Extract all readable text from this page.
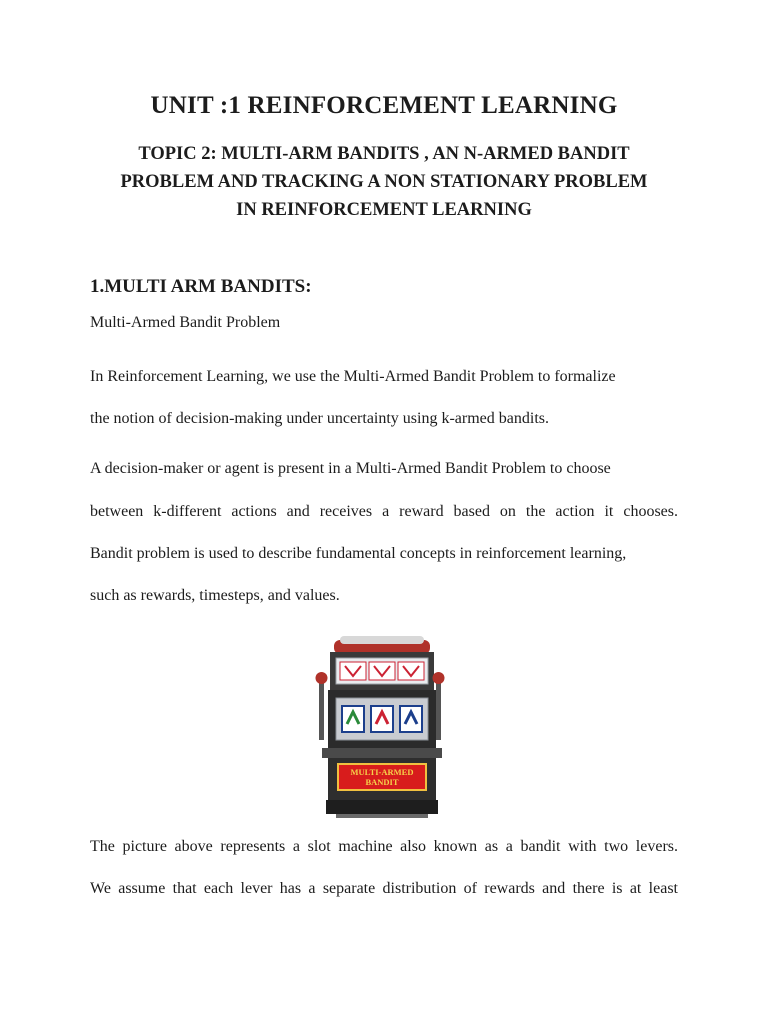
UNIT :1 REINFORCEMENT LEARNING
TOPIC 2: MULTI-ARM BANDITS , AN N-ARMED BANDIT
PROBLEM AND TRACKING A NON STATIONARY PROBLEM
IN REINFORCEMENT LEARNING
1.MULTI ARM BANDITS:

Multi-Armed Bandit Problem

In Reinforcement Learning, we use the Multi-Armed Bandit Problem to formalize

the notion of decision-making under uncertainty using k-armed bandits.

A decision-maker or agent is present in a Multi-Armed Bandit Problem to choose

between k-different actions and receives a reward based on the action it chooses.

Bandit problem is used to describe fundamental concepts in reinforcement learning,

such as rewards, timesteps, and values.

MULTI-ARMED
BANDIT

The picture above represents a slot machine also known as a bandit with two levers.

We assume that each lever has a separate distribution of rewards and there is at least
